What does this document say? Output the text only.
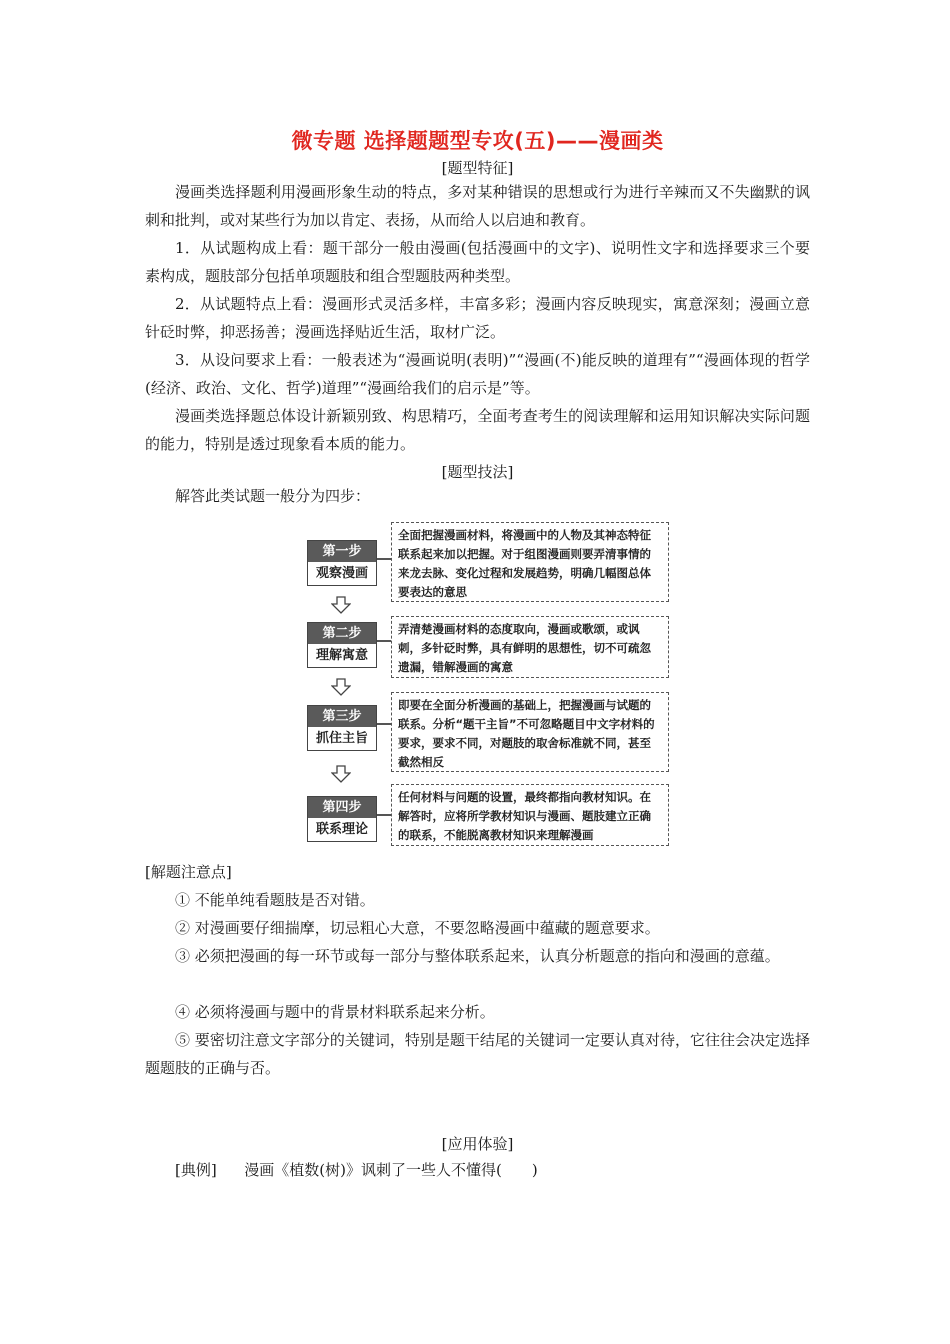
微专题 选择题题型专攻(五)——漫画类
[题型特征]

漫画类选择题利用漫画形象生动的特点，多对某种错误的思想或行为进行辛辣而又不失幽默的讽刺和批判，或对某些行为加以肯定、表扬，从而给人以启迪和教育。

1．从试题构成上看：题干部分一般由漫画(包括漫画中的文字)、说明性文字和选择要求三个要素构成，题肢部分包括单项题肢和组合型题肢两种类型。

2．从试题特点上看：漫画形式灵活多样，丰富多彩；漫画内容反映现实，寓意深刻；漫画立意针砭时弊，抑恶扬善；漫画选择贴近生活，取材广泛。

3．从设问要求上看：一般表述为“漫画说明(表明)”“漫画(不)能反映的道理有”“漫画体现的哲学(经济、政治、文化、哲学)道理”“漫画给我们的启示是”等。

漫画类选择题总体设计新颖别致、构思精巧，全面考查考生的阅读理解和运用知识解决实际问题的能力，特别是透过现象看本质的能力。

[题型技法]

解答此类试题一般分为四步：

第一步
观察漫画
全面把握漫画材料，将漫画中的人物及其神态特征联系起来加以把握。对于组图漫画则要弄清事情的来龙去脉、变化过程和发展趋势，明确几幅图总体要表达的意思
第二步
理解寓意
弄清楚漫画材料的态度取向，漫画或歌颂，或讽刺，多针砭时弊，具有鲜明的思想性，切不可疏忽遗漏，错解漫画的寓意
第三步
抓住主旨
即要在全面分析漫画的基础上，把握漫画与试题的联系。分析“题干主旨”不可忽略题目中文字材料的要求，要求不同，对题肢的取舍标准就不同，甚至截然相反
第四步
联系理论
任何材料与问题的设置，最终都指向教材知识。在解答时，应将所学教材知识与漫画、题肢建立正确的联系，不能脱离教材知识来理解漫画

[解题注意点]

① 不能单纯看题肢是否对错。

② 对漫画要仔细揣摩，切忌粗心大意，不要忽略漫画中蕴藏的题意要求。

③ 必须把漫画的每一环节或每一部分与整体联系起来，认真分析题意的指向和漫画的意蕴。

④ 必须将漫画与题中的背景材料联系起来分析。

⑤ 要密切注意文字部分的关键词，特别是题干结尾的关键词一定要认真对待，它往往会决定选择题题肢的正确与否。

[应用体验]

[典例] 漫画《植数(树)》讽刺了一些人不懂得(　　)
